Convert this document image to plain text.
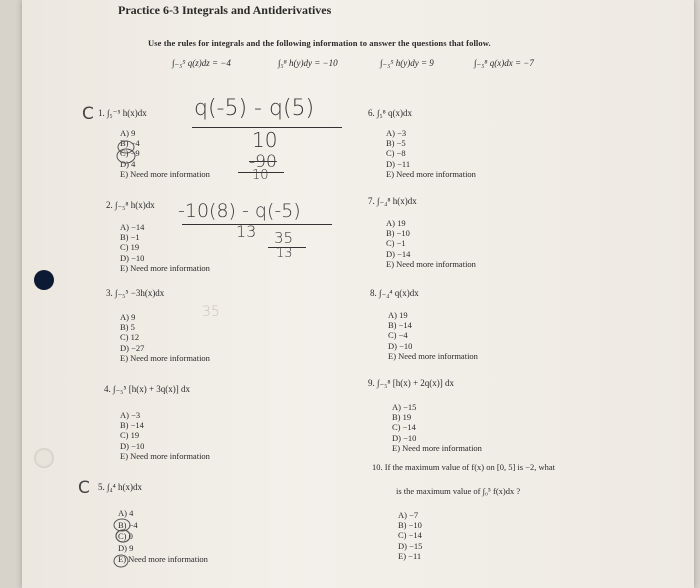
Practice 6-3 Integrals and Antiderivatives
Use the rules for integrals and the following information to answer the questions that follow.
∫₋₅⁵ q(z)dz = −4	∫₅⁸ h(y)dy = −10	∫₋₅⁵ h(y)dy = 9	∫₋₅⁸ q(x)dx = −7
C 1. ∫₅⁻⁵ h(x)dx
A) 9
B) −4
C) −9
D) 4
E) Need more information
q(-5) - q(5)
10
-90
10
2. ∫₋₅⁸ h(x)dx
A) −14
B) −1
C) 19
D) −10
E) Need more information
-10(8) - q(-5)
13 35
13
3. ∫₋₅⁵ −3h(x)dx
35
A) 9
B) 5
C) 12
D) −27
E) Need more information
4. ∫₋₅⁵ [h(x) + 3q(x)] dx
A) −3
B) −14
C) 19
D) −10
E) Need more information
C 5. ∫₄⁴ h(x)dx
A) 4
B) −4
C) 0
D) 9
E) Need more information
6. ∫₅⁸ q(x)dx
A) −3
B) −5
C) −8
D) −11
E) Need more information
7. ∫₋₄⁸ h(x)dx
A) 19
B) −10
C) −1
D) −14
E) Need more information
8. ∫₋₄⁴ q(x)dx
A) 19
B) −14
C) −4
D) −10
E) Need more information
9. ∫₋₅⁸ [h(x) + 2q(x)] dx
A) −15
B) 19
C) −14
D) −10
E) Need more information
10. If the maximum value of f(x) on [0, 5] is −2, what
is the maximum value of ∫₀⁵ f(x)dx ?
A) −7
B) −10
C) −14
D) −15
E) −11
